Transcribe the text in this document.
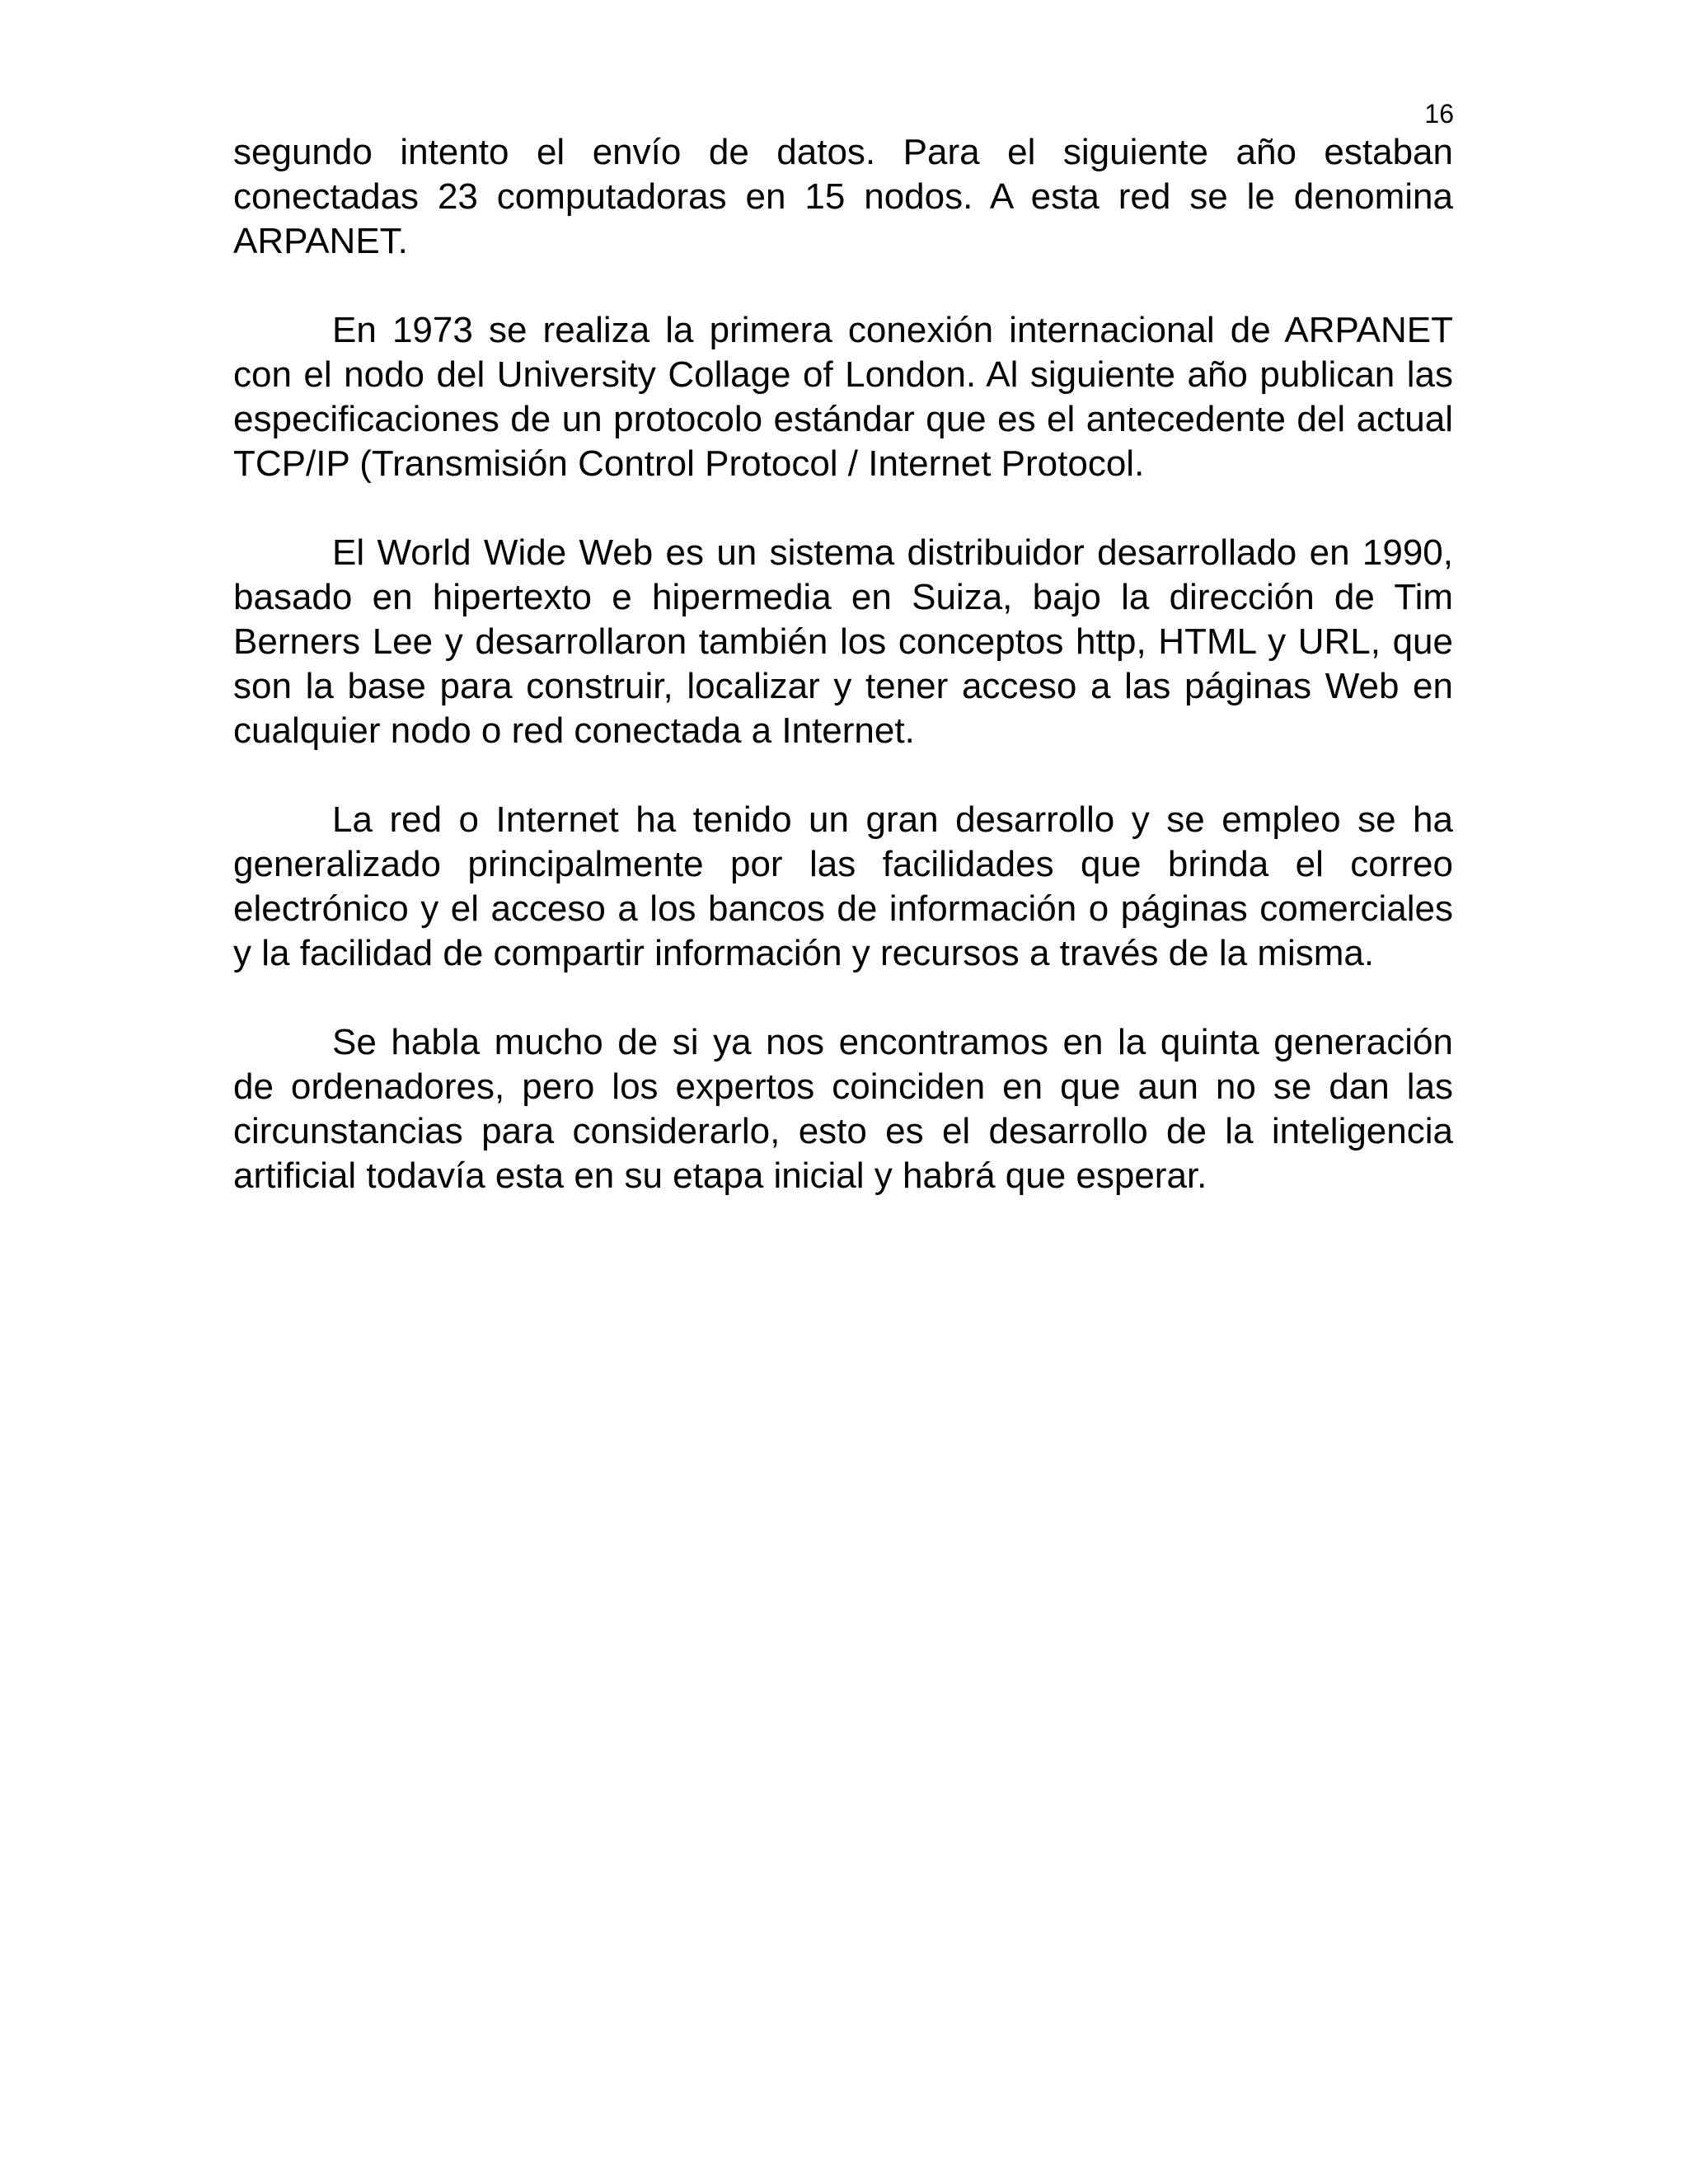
16

segundo intento el envío de datos. Para el siguiente año estaban conectadas 23 computadoras en 15 nodos. A esta red se le denomina ARPANET.

En 1973 se realiza la primera conexión internacional de ARPANET con el nodo del University Collage of London. Al siguiente año publican las especificaciones de un protocolo estándar que es el antecedente del actual TCP/IP (Transmisión Control Protocol / Internet Protocol.

El World Wide Web es un sistema distribuidor desarrollado en 1990, basado en hipertexto e hipermedia en Suiza, bajo la dirección de Tim Berners Lee y desarrollaron también los conceptos http, HTML y URL, que son la base para construir, localizar y tener acceso a las páginas Web en cualquier nodo o red conectada a Internet.

La red o Internet ha tenido un gran desarrollo y se empleo se ha generalizado principalmente por las facilidades que brinda el correo electrónico y el acceso a los bancos de información o páginas comerciales y la facilidad de compartir información y recursos a través de la misma.

Se habla mucho de si ya nos encontramos en la quinta generación de ordenadores, pero los expertos coinciden en que aun no se dan las circunstancias para considerarlo, esto es el desarrollo de la inteligencia artificial todavía esta en su etapa inicial y habrá que esperar.
